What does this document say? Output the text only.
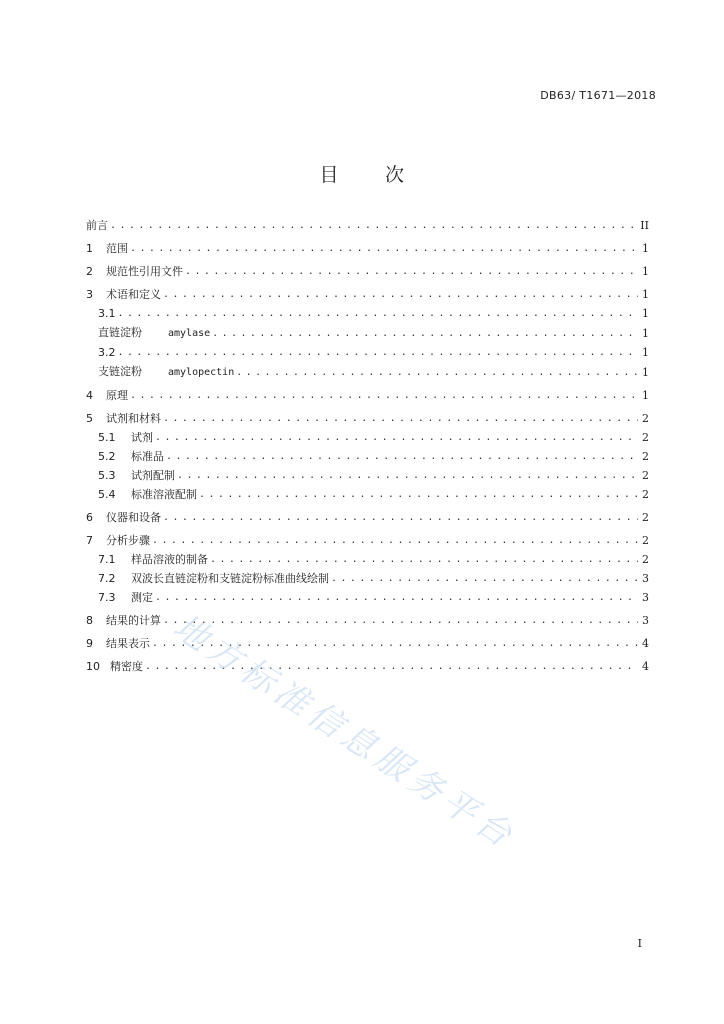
DB63/ T1671—2018
目 次
前言 . . .	II
1 范围 . . .	1
2 规范性引用文件 . . .	1
3 术语和定义 . . .	1
3.1 . . .	1
直链淀粉	amylase . . .	1
3.2 . . .	1
支链淀粉	amylopectin . . .	1
4 原理 . . .	1
5 试剂和材料 . . .	2
5.1 试剂 . . .	2
5.2 标准品 . . .	2
5.3 试剂配制 . . .	2
5.4 标准溶液配制 . . .	2
6 仪器和设备 . . .	2
7 分析步骤 . . .	2
7.1 样品溶液的制备 . . .	2
7.2 双波长直链淀粉和支链淀粉标准曲线绘制 . . .	3
7.3 测定 . . .	3
8 结果的计算 . . .	3
9 结果表示 . . .	4
10 精密度 . . .	4
地方标准信息服务平台
I
